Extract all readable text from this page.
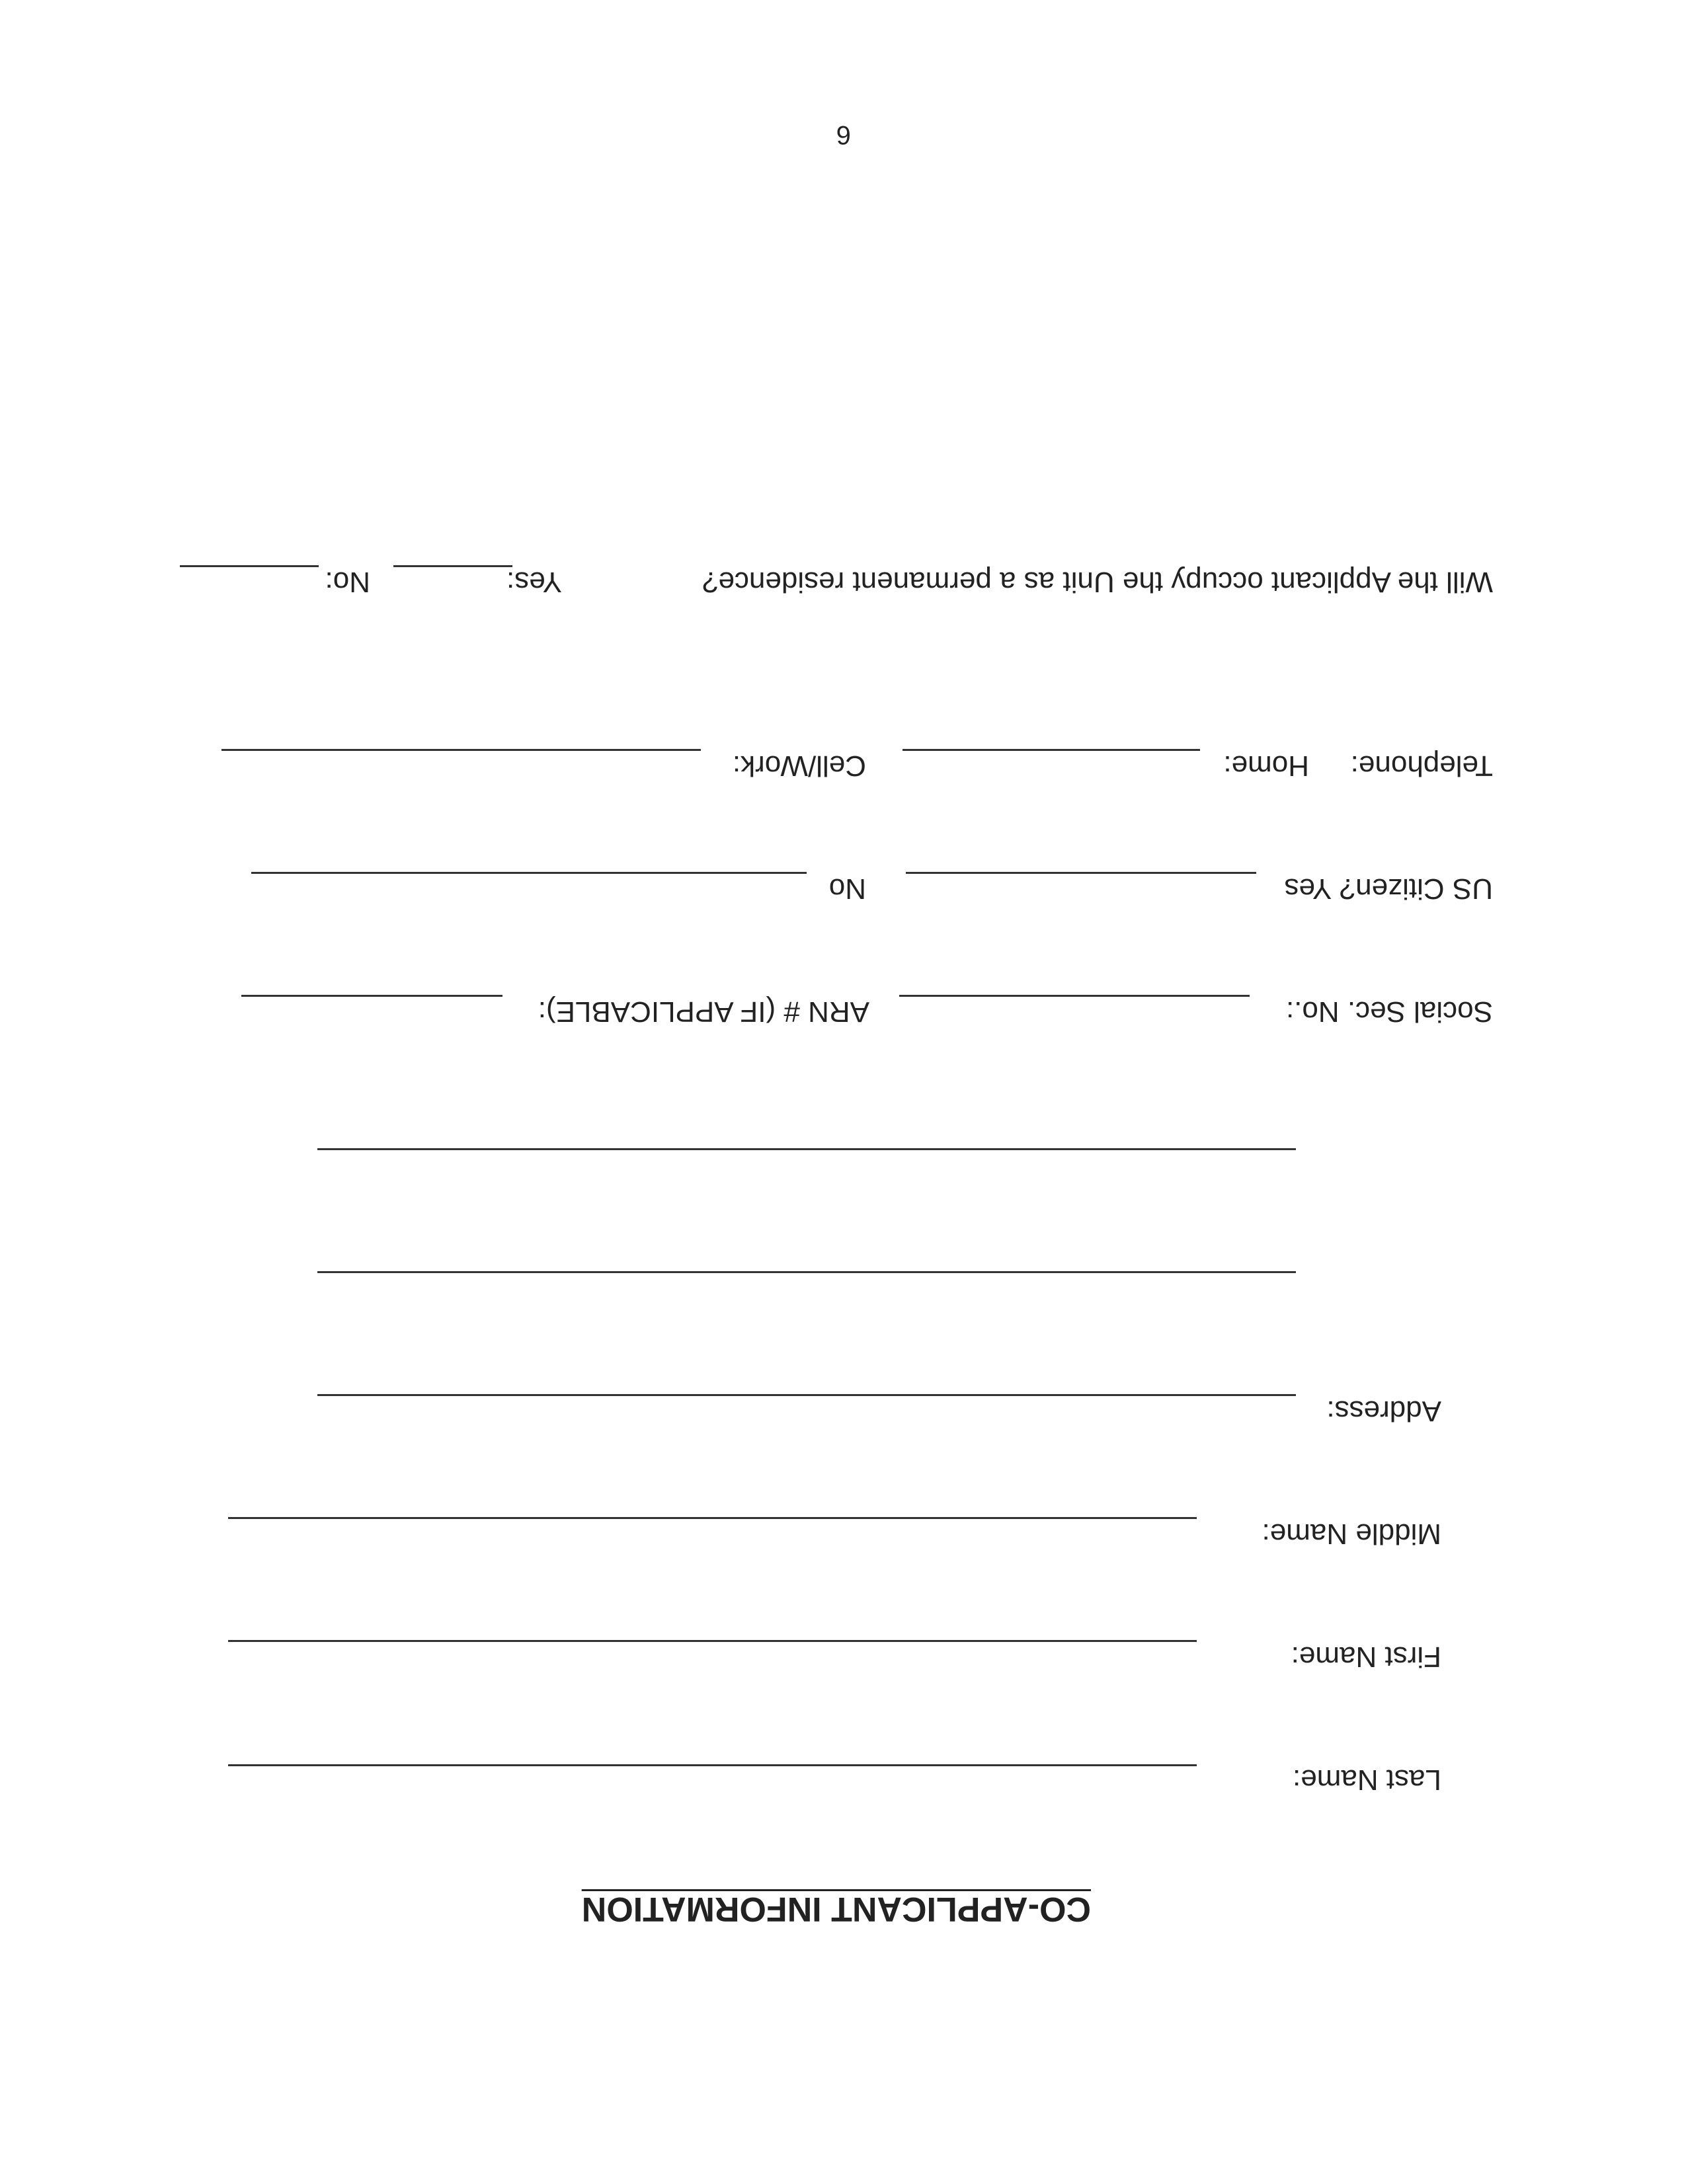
CO-APPLICANT INFORMATION
Last Name:
First Name:
Middle Name:
Address:
Social Sec. No.:
ARN # (IF APPLICABLE):
US Citizen? Yes
No
Telephone:
Home:
Cell/Work:
Will the Applicant occupy the Unit as a permanent residence?
Yes:
No:
6
